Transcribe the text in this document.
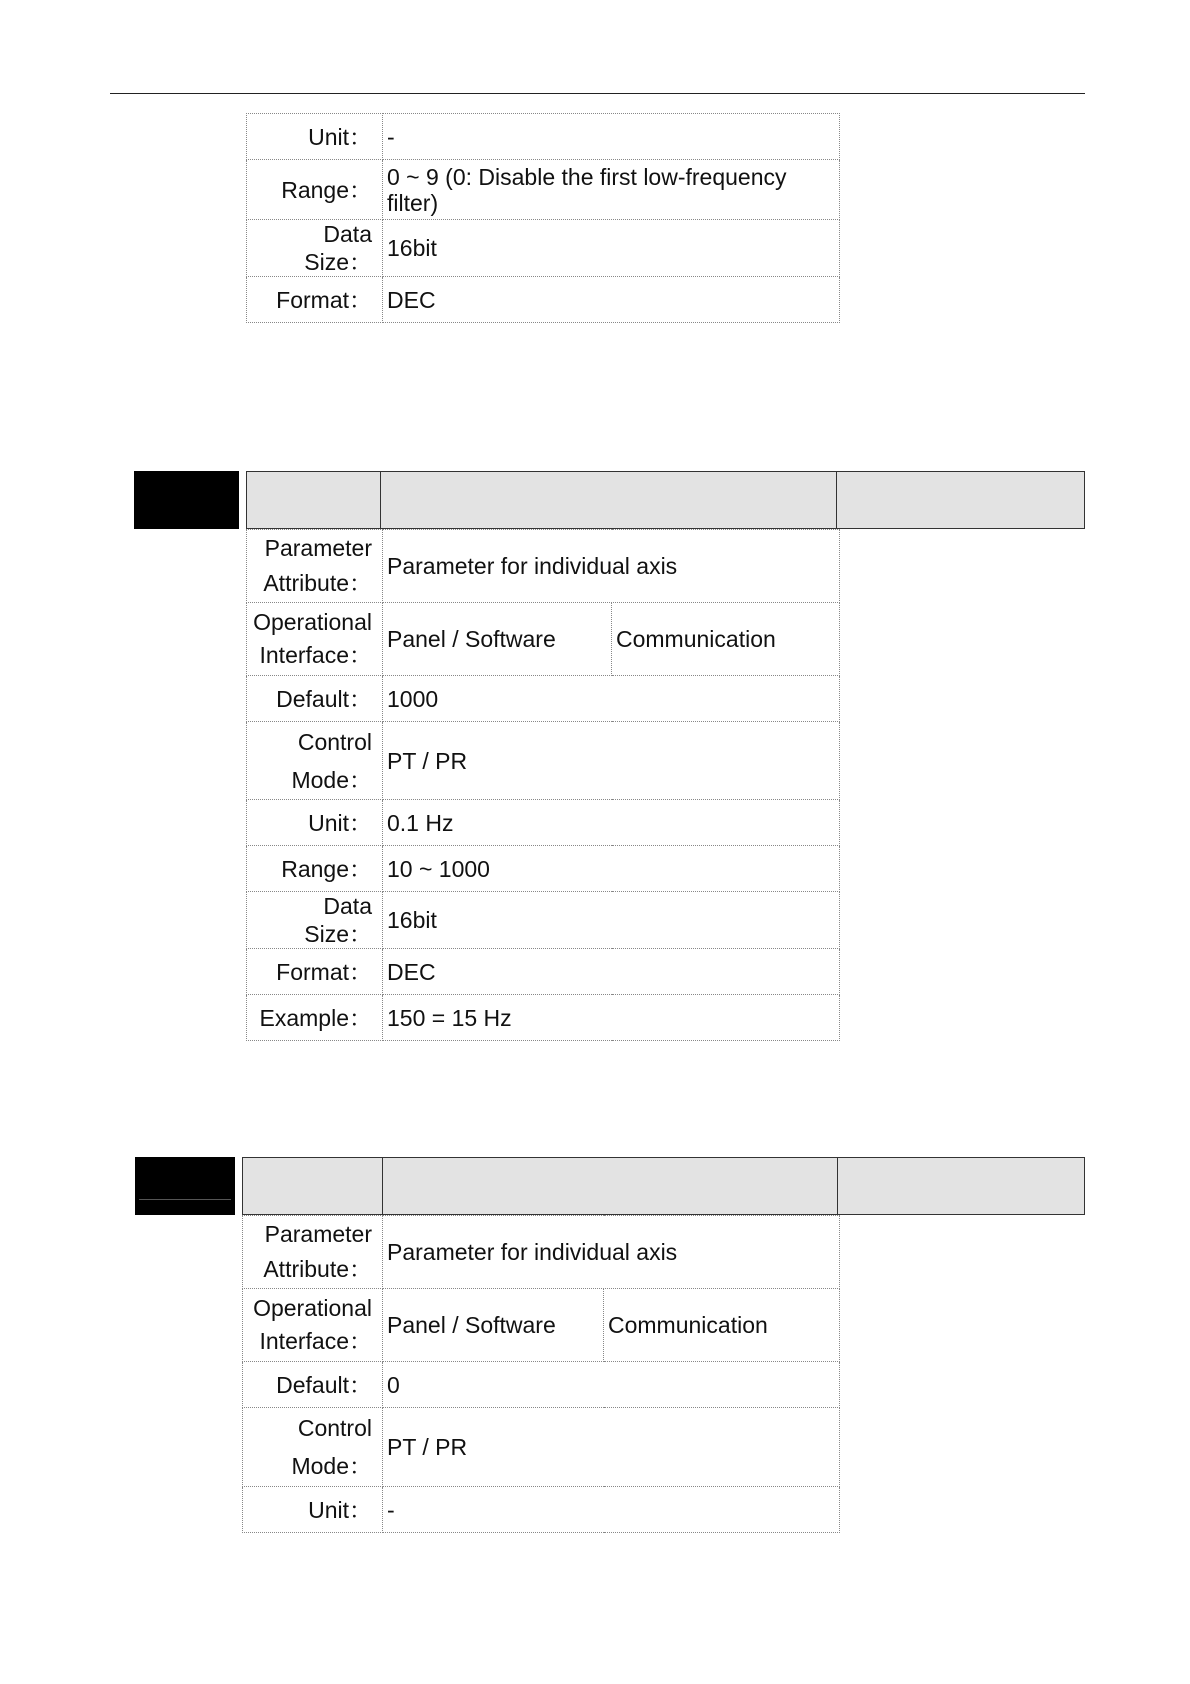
Unit：	-
Range：	0 ~ 9 (0: Disable the first low-frequency filter)
Data Size：	16bit
Format：	DEC
Parameter
Attribute：	Parameter for individual axis	
Operational
Interface：	Panel / Software	Communication
Default：	1000	
Control
Mode：	PT / PR	
Unit：	0.1 Hz	
Range：	10 ~ 1000	
Data Size：	16bit	
Format：	DEC	
Example：	150 = 15 Hz	
Parameter
Attribute：	Parameter for individual axis	
Operational
Interface：	Panel / Software	Communication
Default：	0	
Control
Mode：	PT / PR	
Unit：	-	
